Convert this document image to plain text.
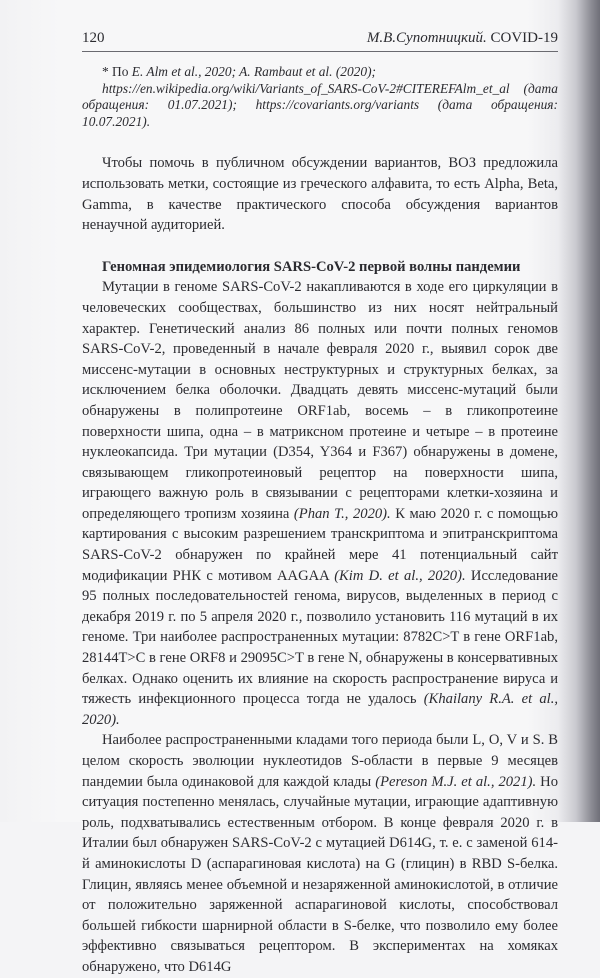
120	М.В.Супотницкий. COVID-19

* По E. Alm et al., 2020; A. Rambaut et al. (2020);

https://en.wikipedia.org/wiki/Variants_of_SARS-CoV-2#CITEREFAlm_et_al (дата обращения: 01.07.2021); https://covariants.org/variants (дата обращения: 10.07.2021).

Чтобы помочь в публичном обсуждении вариантов, ВОЗ предложила использовать метки, состоящие из греческого алфавита, то есть Alpha, Beta, Gamma, в качестве практического способа обсуждения вариантов ненаучной аудиторией.

Геномная эпидемиология SARS-CoV-2 первой волны пандемии

Мутации в геноме SARS-CoV-2 накапливаются в ходе его циркуляции в человеческих сообществах, большинство из них носят нейтральный характер. Генетический анализ 86 полных или почти полных геномов SARS-CoV-2, проведенный в начале февраля 2020 г., выявил сорок две миссенс-мутации в основных неструктурных и структурных белках, за исключением белка оболочки. Двадцать девять миссенс-мутаций были обнаружены в полипротеине ORF1ab, восемь – в гликопротеине поверхности шипа, одна – в матриксном протеине и четыре – в протеине нуклеокапсида. Три мутации (D354, Y364 и F367) обнаружены в домене, связывающем гликопротеиновый рецептор на поверхности шипа, играющего важную роль в связывании с рецепторами клетки-хозяина и определяющего тропизм хозяина (Phan T., 2020). К маю 2020 г. с помощью картирования с высоким разрешением транскриптома и эпитранскриптома SARS-CoV-2 обнаружен по крайней мере 41 потенциальный сайт модификации РНК с мотивом AAGAA (Kim D. et al., 2020). Исследование 95 полных последовательностей генома, вирусов, выделенных в период с декабря 2019 г. по 5 апреля 2020 г., позволило установить 116 мутаций в их геноме. Три наиболее распространенных мутации: 8782C>T в гене ORF1ab, 28144T>C в гене ORF8 и 29095C>T в гене N, обнаружены в консервативных белках. Однако оценить их влияние на скорость распространение вируса и тяжесть инфекционного процесса тогда не удалось (Khailany R.A. et al., 2020).

Наиболее распространенными кладами того периода были L, O, V и S. В целом скорость эволюции нуклеотидов S-области в первые 9 месяцев пандемии была одинаковой для каждой клады (Pereson M.J. et al., 2021). Но ситуация постепенно менялась, случайные мутации, играющие адаптивную роль, подхватывались естественным отбором. В конце февраля 2020 г. в Италии был обнаружен SARS-CoV-2 с мутацией D614G, т. е. с заменой 614-й аминокислоты D (аспарагиновая кислота) на G (глицин) в RBD S-белка. Глицин, являясь менее объемной и незаряженной аминокислотой, в отличие от положительно заряженной аспарагиновой кислоты, способствовал большей гибкости шарнирной области в S-белке, что позволило ему более эффективно связываться рецептором. В экспериментах на хомяках обнаружено, что D614G
